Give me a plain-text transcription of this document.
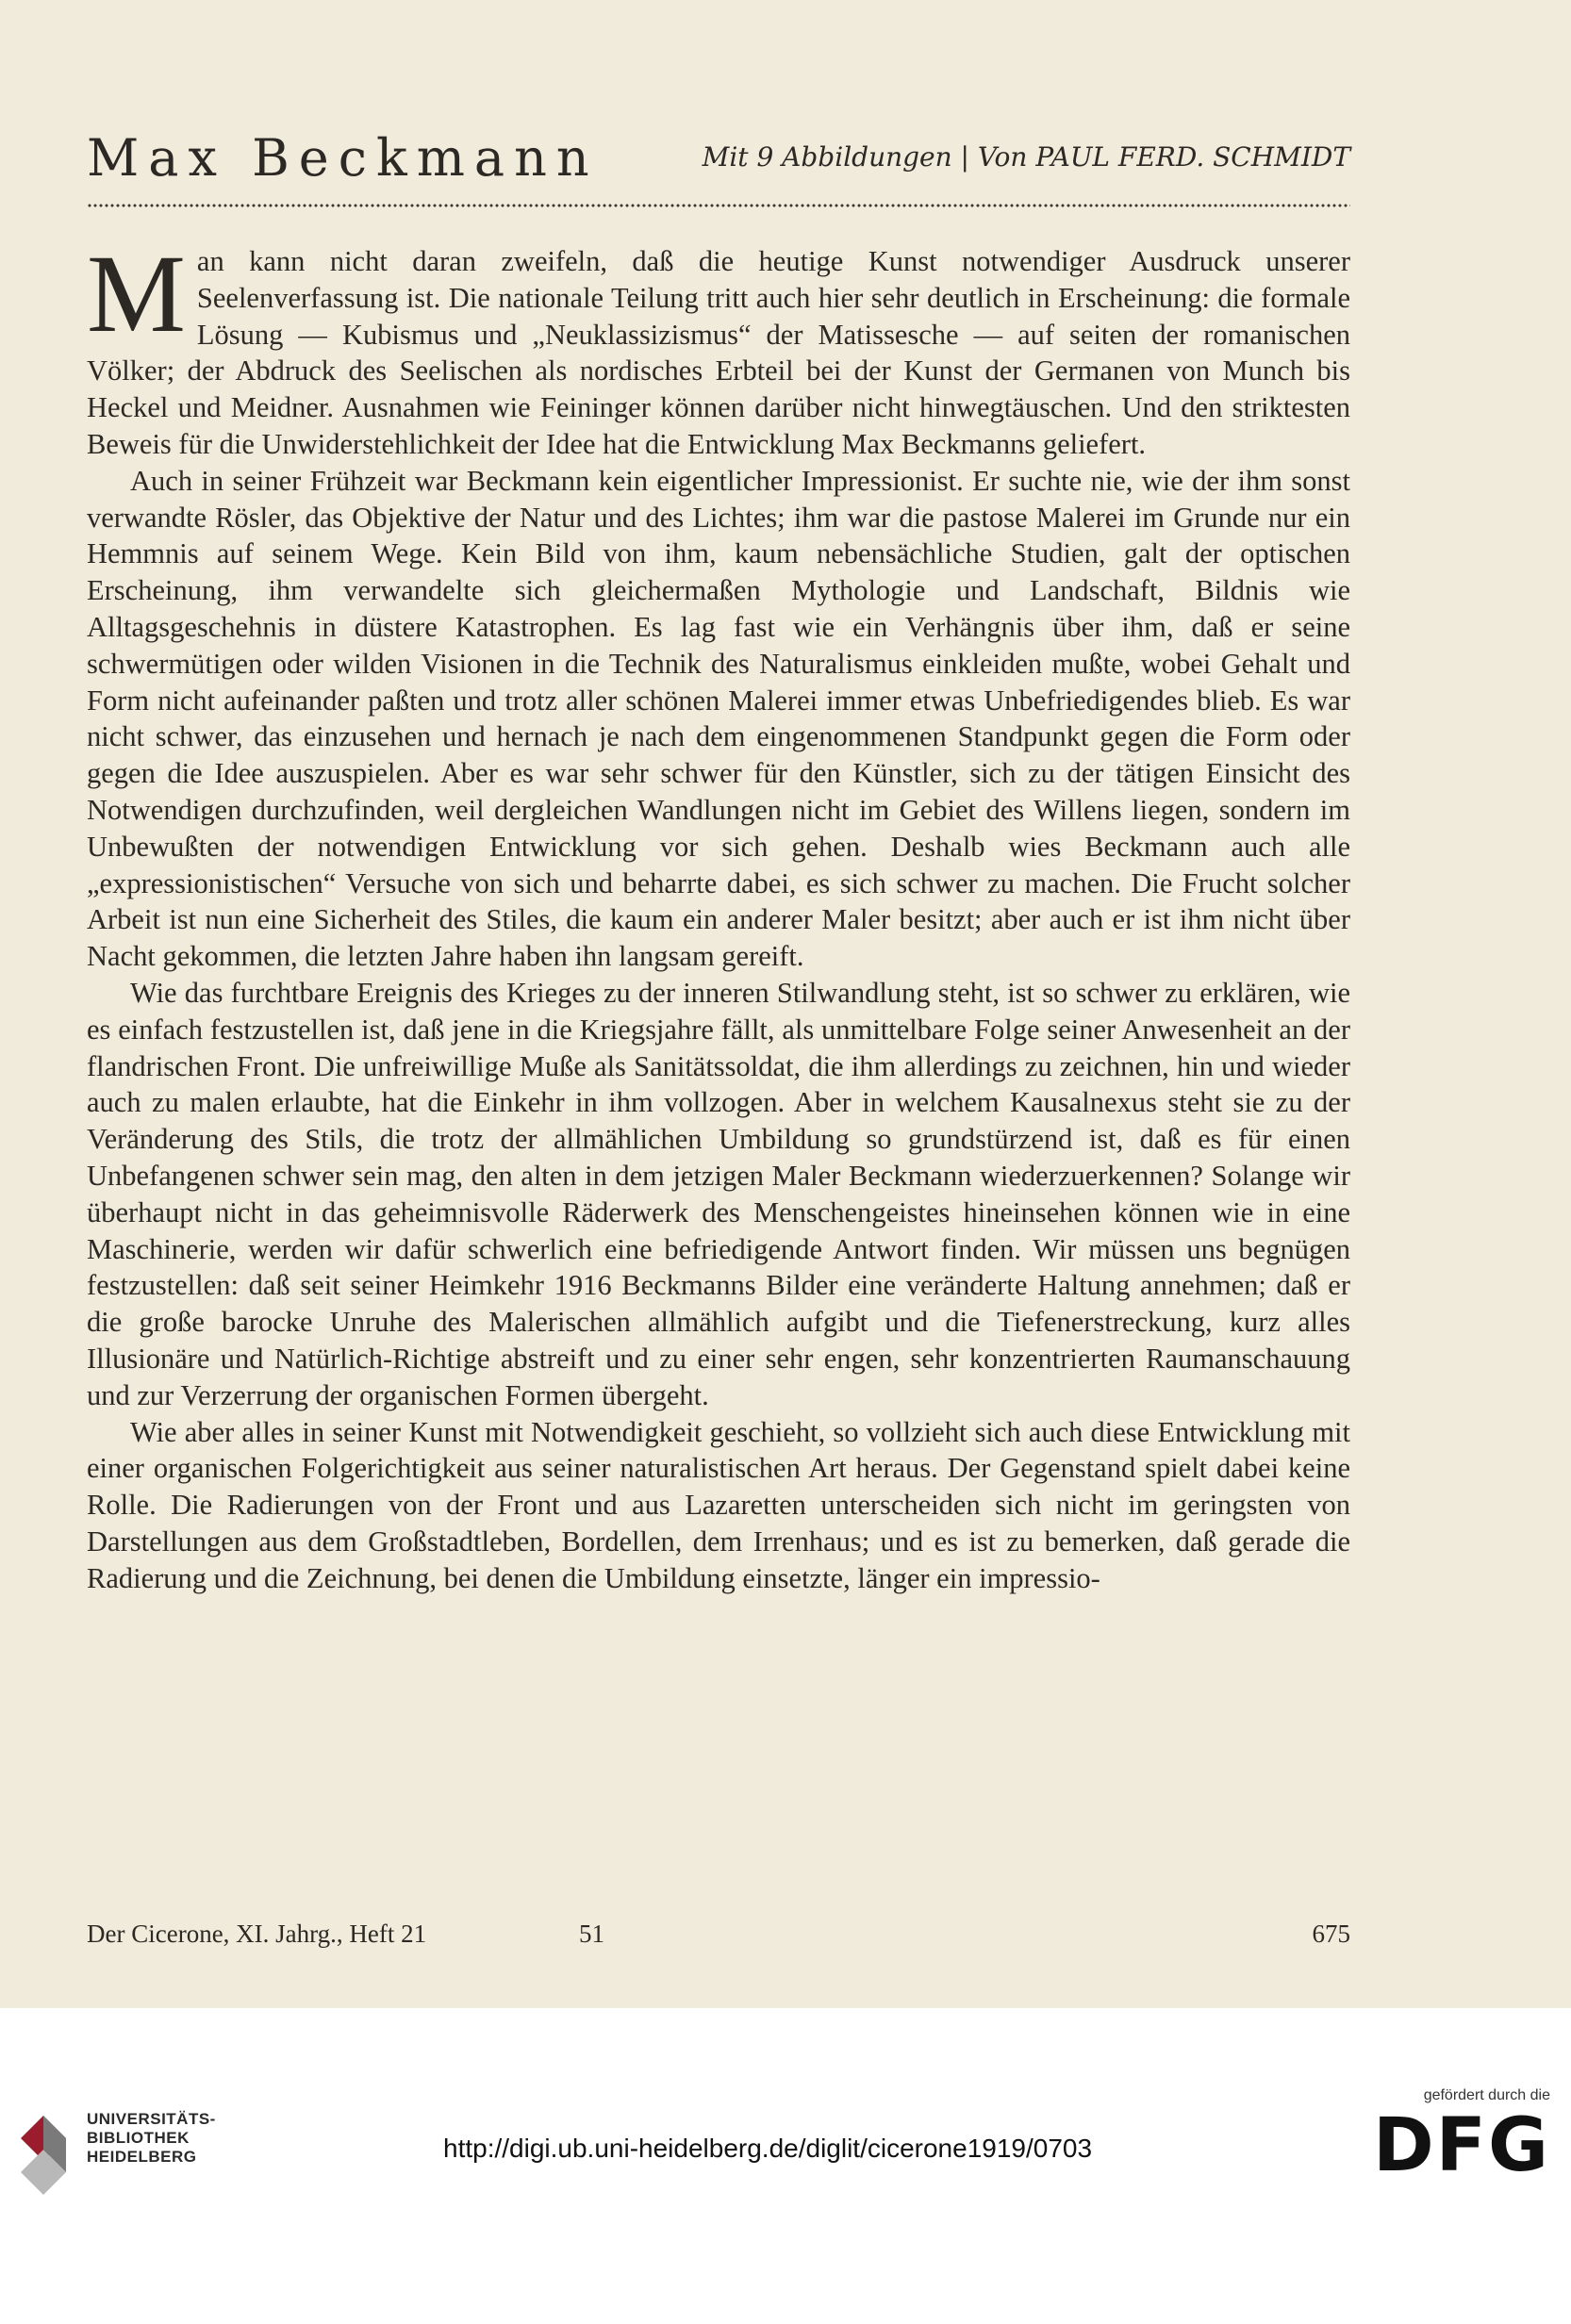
Max Beckmann	Mit 9 Abbildungen | Von PAUL FERD. SCHMIDT

Man kann nicht daran zweifeln, daß die heutige Kunst notwendiger Ausdruck unserer Seelenverfassung ist. Die nationale Teilung tritt auch hier sehr deutlich in Erscheinung: die formale Lösung — Kubismus und „Neuklassizismus“ der Matissesche — auf seiten der romanischen Völker; der Abdruck des Seelischen als nordisches Erbteil bei der Kunst der Germanen von Munch bis Heckel und Meidner. Ausnahmen wie Feininger können darüber nicht hinwegtäuschen. Und den striktesten Beweis für die Unwiderstehlichkeit der Idee hat die Entwicklung Max Beckmanns geliefert.

Auch in seiner Frühzeit war Beckmann kein eigentlicher Impressionist. Er suchte nie, wie der ihm sonst verwandte Rösler, das Objektive der Natur und des Lichtes; ihm war die pastose Malerei im Grunde nur ein Hemmnis auf seinem Wege. Kein Bild von ihm, kaum nebensächliche Studien, galt der optischen Erscheinung, ihm verwandelte sich gleichermaßen Mythologie und Landschaft, Bildnis wie Alltagsgeschehnis in düstere Katastrophen. Es lag fast wie ein Verhängnis über ihm, daß er seine schwermütigen oder wilden Visionen in die Technik des Naturalismus einkleiden mußte, wobei Gehalt und Form nicht aufeinander paßten und trotz aller schönen Malerei immer etwas Unbefriedigendes blieb. Es war nicht schwer, das einzusehen und hernach je nach dem eingenommenen Standpunkt gegen die Form oder gegen die Idee auszuspielen. Aber es war sehr schwer für den Künstler, sich zu der tätigen Einsicht des Notwendigen durchzufinden, weil dergleichen Wandlungen nicht im Gebiet des Willens liegen, sondern im Unbewußten der notwendigen Entwicklung vor sich gehen. Deshalb wies Beckmann auch alle „expressionistischen“ Versuche von sich und beharrte dabei, es sich schwer zu machen. Die Frucht solcher Arbeit ist nun eine Sicherheit des Stiles, die kaum ein anderer Maler besitzt; aber auch er ist ihm nicht über Nacht gekommen, die letzten Jahre haben ihn langsam gereift.

Wie das furchtbare Ereignis des Krieges zu der inneren Stilwandlung steht, ist so schwer zu erklären, wie es einfach festzustellen ist, daß jene in die Kriegsjahre fällt, als unmittelbare Folge seiner Anwesenheit an der flandrischen Front. Die unfreiwillige Muße als Sanitätssoldat, die ihm allerdings zu zeichnen, hin und wieder auch zu malen erlaubte, hat die Einkehr in ihm vollzogen. Aber in welchem Kausalnexus steht sie zu der Veränderung des Stils, die trotz der allmählichen Umbildung so grundstürzend ist, daß es für einen Unbefangenen schwer sein mag, den alten in dem jetzigen Maler Beckmann wiederzuerkennen? Solange wir überhaupt nicht in das geheimnisvolle Räderwerk des Menschengeistes hineinsehen können wie in eine Maschinerie, werden wir dafür schwerlich eine befriedigende Antwort finden. Wir müssen uns begnügen festzustellen: daß seit seiner Heimkehr 1916 Beckmanns Bilder eine veränderte Haltung annehmen; daß er die große barocke Unruhe des Malerischen allmählich aufgibt und die Tiefenerstreckung, kurz alles Illusionäre und Natürlich-Richtige abstreift und zu einer sehr engen, sehr konzentrierten Raumanschauung und zur Verzerrung der organischen Formen übergeht.

Wie aber alles in seiner Kunst mit Notwendigkeit geschieht, so vollzieht sich auch diese Entwicklung mit einer organischen Folgerichtigkeit aus seiner naturalistischen Art heraus. Der Gegenstand spielt dabei keine Rolle. Die Radierungen von der Front und aus Lazaretten unterscheiden sich nicht im geringsten von Darstellungen aus dem Großstadtleben, Bordellen, dem Irrenhaus; und es ist zu bemerken, daß gerade die Radierung und die Zeichnung, bei denen die Umbildung einsetzte, länger ein impressio-

Der Cicerone, XI. Jahrg., Heft 21	51	675
UNIVERSITÄTS-
BIBLIOTHEK
HEIDELBERG	http://digi.ub.uni-heidelberg.de/diglit/cicerone1919/0703
gefördert durch die
DFG
